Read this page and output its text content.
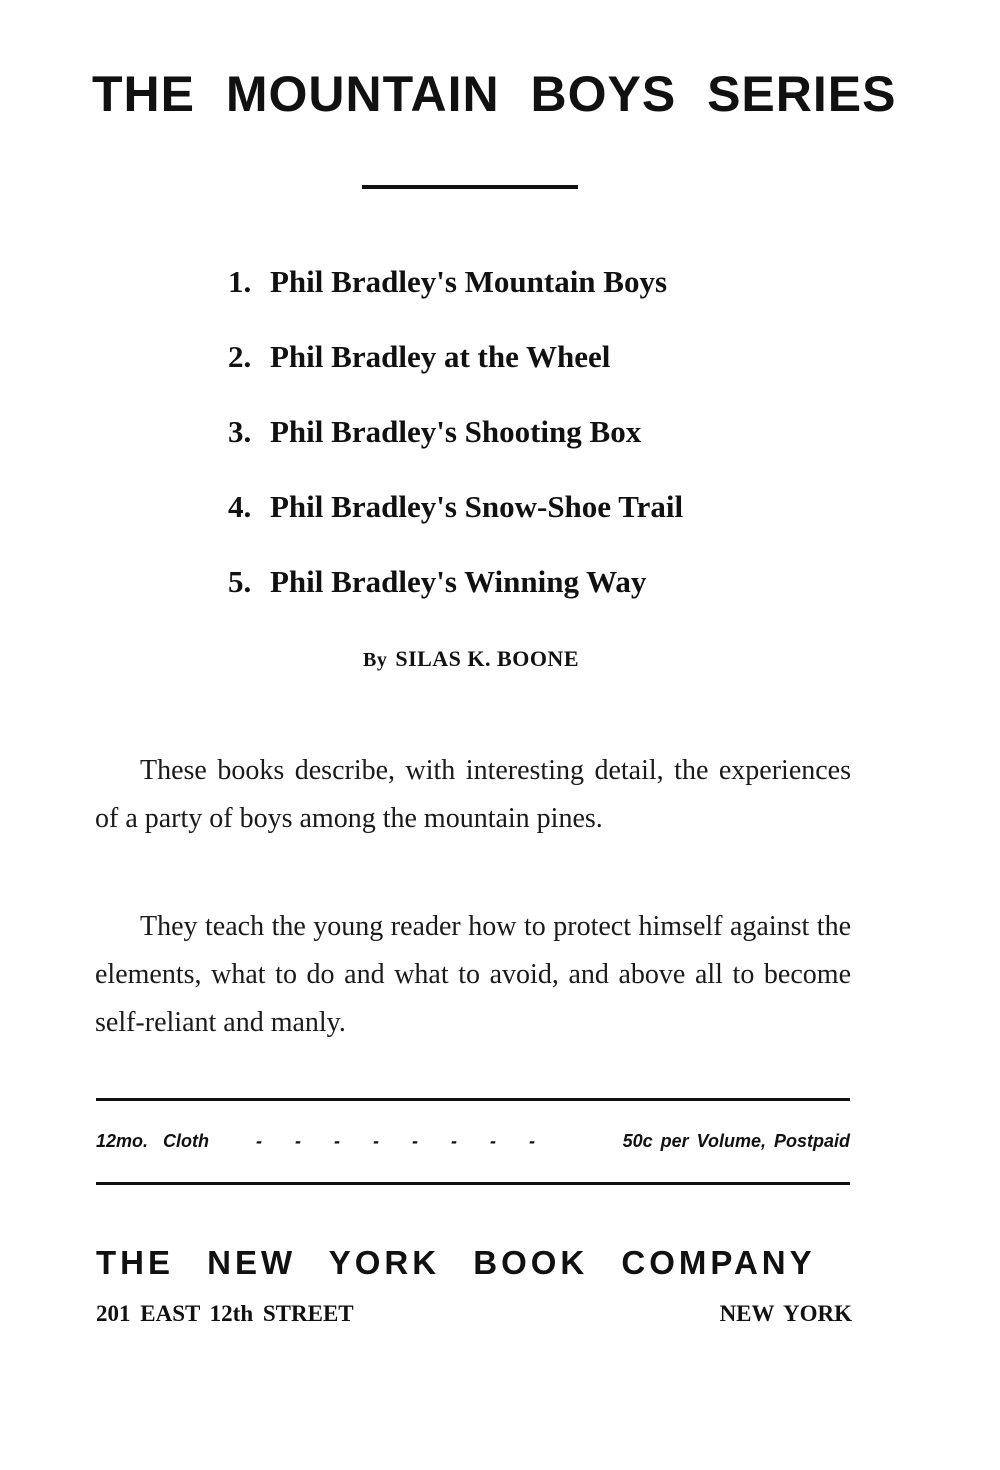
THE MOUNTAIN BOYS SERIES
1. Phil Bradley's Mountain Boys
2. Phil Bradley at the Wheel
3. Phil Bradley's Shooting Box
4. Phil Bradley's Snow-Shoe Trail
5. Phil Bradley's Winning Way
By SILAS K. BOONE

These books describe, with interesting detail, the experiences of a party of boys among the mountain pines.

They teach the young reader how to protect himself against the elements, what to do and what to avoid, and above all to become self-reliant and manly.

12mo. Cloth	- - - - - - - -	50c per Volume, Postpaid
THE NEW YORK BOOK COMPANY
201 EAST 12th STREET	NEW YORK
